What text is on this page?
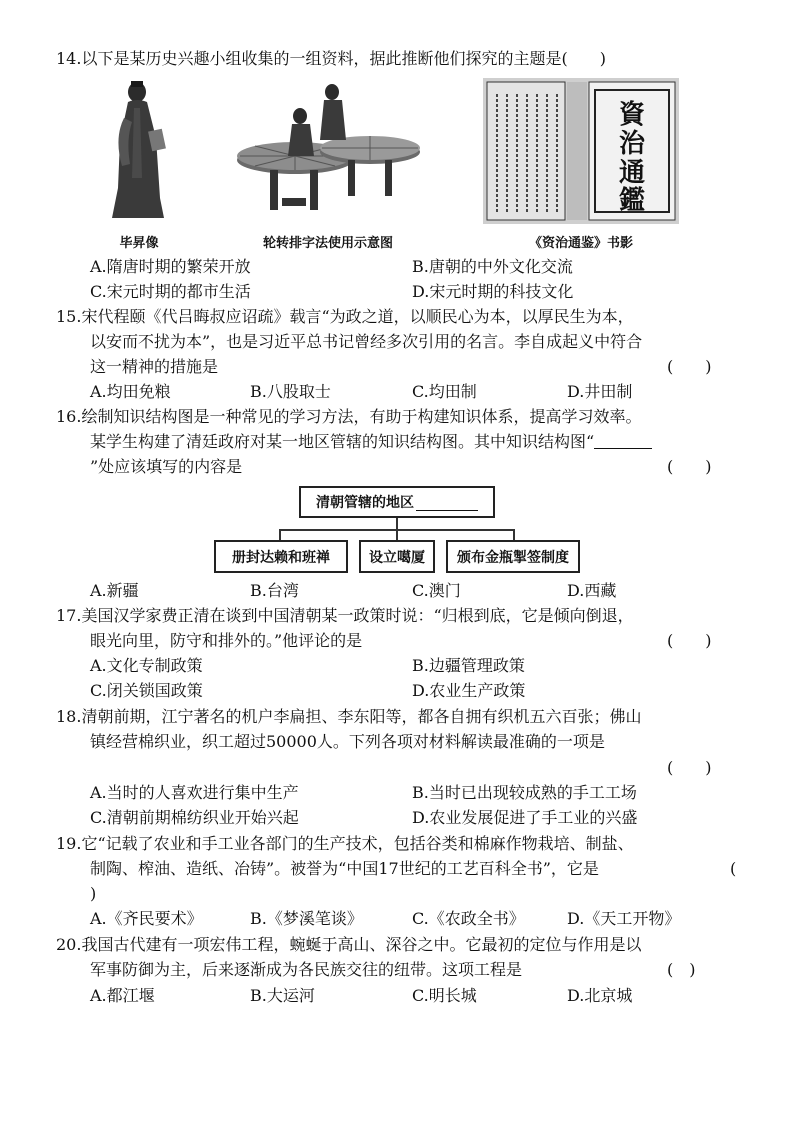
14.以下是某历史兴趣小组收集的一组资料，据此推断他们探究的主题是(　　)
資
治
通
鑑
毕昇像	轮转排字法使用示意图	《资治通鉴》书影
A.隋唐时期的繁荣开放	B.唐朝的中外文化交流
C.宋元时期的都市生活	D.宋元时期的科技文化
15.宋代程颐《代吕晦叔应诏疏》载言“为政之道，以顺民心为本，以厚民生为本，
以安而不扰为本”，也是习近平总书记曾经多次引用的名言。李自成起义中符合
这一精神的措施是	(　　)
A.均田免粮	B.八股取士	C.均田制	D.井田制
16.绘制知识结构图是一种常见的学习方法，有助于构建知识体系，提高学习效率。
某学生构建了清廷政府对某一地区管辖的知识结构图。其中知识结构图“
”处应该填写的内容是	(　　)
清朝管辖的地区
册封达赖和班禅	设立噶厦	颁布金瓶掣签制度
A.新疆	B.台湾	C.澳门	D.西藏
17.美国汉学家费正清在谈到中国清朝某一政策时说：“归根到底，它是倾向倒退，
眼光向里，防守和排外的。”他评论的是	(　　)
A.文化专制政策	B.边疆管理政策
C.闭关锁国政策	D.农业生产政策
18.清朝前期，江宁著名的机户李扁担、李东阳等，都各自拥有织机五六百张；佛山
镇经营棉织业，织工超过50000人。下列各项对材料解读最准确的一项是
(　　)
A.当时的人喜欢进行集中生产	B.当时已出现较成熟的手工工场
C.清朝前期棉纺织业开始兴起	D.农业发展促进了手工业的兴盛
19.它“记载了农业和手工业各部门的生产技术，包括谷类和棉麻作物栽培、制盐、
制陶、榨油、造纸、冶铸”。被誉为“中国17世纪的工艺百科全书”，它是	(
)
A.《齐民要术》	B.《梦溪笔谈》	C.《农政全书》	D.《天工开物》
20.我国古代建有一项宏伟工程，蜿蜒于高山、深谷之中。它最初的定位与作用是以
军事防御为主，后来逐渐成为各民族交往的纽带。这项工程是	(　)
A.都江堰	B.大运河	C.明长城	D.北京城
